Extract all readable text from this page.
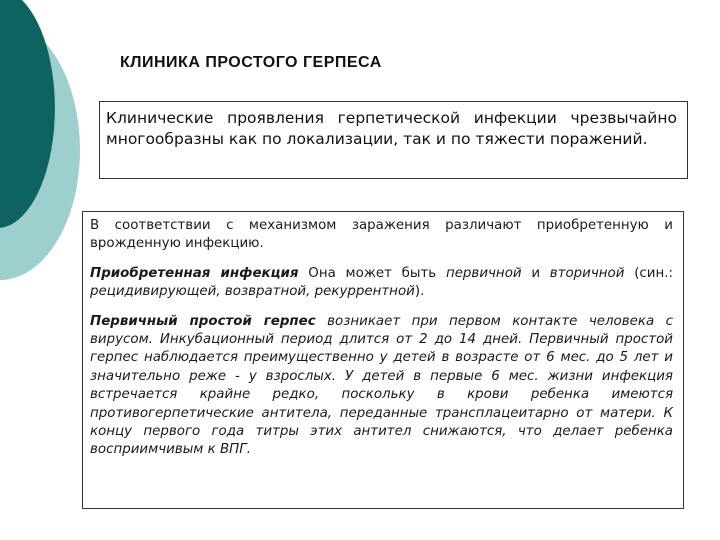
КЛИНИКА ПРОСТОГО ГЕРПЕСА

Клинические проявления герпетической инфекции чрезвычайно многообразны как по локализации, так и по тяжести поражений.

В соответствии с механизмом заражения различают приобретенную и врожденную инфекцию.

Приобретенная инфекция Она может быть первичной и вторичной (син.: рецидивирующей, возвратной, рекуррентной).

Первичный простой герпес возникает при первом контакте человека с вирусом. Инкубационный период длится от 2 до 14 дней. Первичный простой герпес наблюдается преимущественно у детей в возрасте от 6 мес. до 5 лет и значительно реже - у взрослых. У детей в первые 6 мес. жизни инфекция встречается крайне редко, поскольку в крови ребенка имеются противогерпетические антитела, переданные трансплацеитарно от матери. К концу первого года титры этих антител снижаются, что делает ребенка восприимчивым к ВПГ.
